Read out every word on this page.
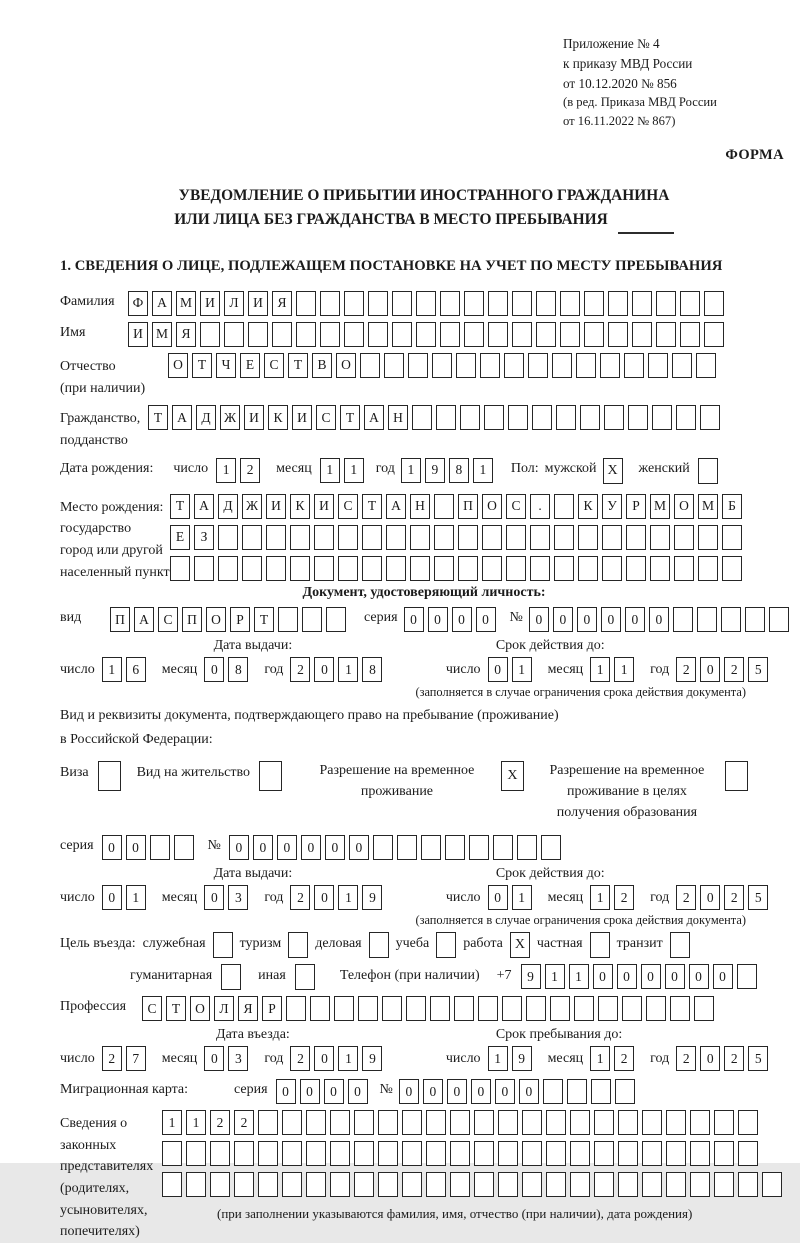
Приложение № 4
к приказу МВД России
от 10.12.2020 № 856
(в ред. Приказа МВД России
от 16.11.2022 № 867)
ФОРМА
УВЕДОМЛЕНИЕ О ПРИБЫТИИ ИНОСТРАННОГО ГРАЖДАНИНА
ИЛИ ЛИЦА БЕЗ ГРАЖДАНСТВА В МЕСТО ПРЕБЫВАНИЯ
1. СВЕДЕНИЯ О ЛИЦЕ, ПОДЛЕЖАЩЕМ ПОСТАНОВКЕ НА УЧЕТ ПО МЕСТУ ПРЕБЫВАНИЯ
Фамилия	Ф	А М И	Л	И	Я
Имя	И М Я
Отчество
(при наличии)
О	Т	Ч	Е	С	Т	В	О
Гражданство,
подданство
Т	А	Д Ж И	К	И	С	Т	А	Н
Дата рождения: число	1	2	месяц	1	1	год 1	9	8	1	Пол: мужской X	женский
Место рождения:
государство
город или другой
населенный пункт
Т	А	Д Ж И	К	И	С	Т	А	Н	П	О	С	.	К	У	Р	М О М	Б
Е	З
Документ, удостоверяющий личность:
вид	П	А	С	П	О	Р	Т	серия 0	0	0	0	№ 0	0	0	0	0	0
Дата выдачи:	Срок действия до:
число	1	6	месяц	0	8	год	2	0	1	8	число	0	1	месяц	1	1	год	2	0	2	5
(заполняется в случае ограничения срока действия документа)
Вид и реквизиты документа, подтверждающего право на пребывание (проживание)
в Российской Федерации:
Виза	Вид на жительство	Разрешение на временное проживание
X	Разрешение на временное проживание в целях получения образования
серия	0	0	№	0	0	0	0	0	0
Дата выдачи:	Срок действия до:
число	0	1	месяц	0	3	год	2	0	1	9	число	0	1	месяц	1	2	год	2	0	2	5
(заполняется в случае ограничения срока действия документа)
Цель въезда: служебная туризм деловая учеба работа X частная транзит
гуманитарная	иная	Телефон (при наличии) +7	9	1	1	0	0	0	0	0	0
Профессия	С	Т	О	Л	Я	Р
Дата въезда:	Срок пребывания до:
число	2	7	месяц	0	3	год	2	0	1	9	число	1	9	месяц	1	2	год	2	0	2	5
Миграционная карта:	серия	0	0	0	0	№ 0	0	0	0	0	0
Сведения о
законных
представителях
(родителях,
усыновителях,
попечителях)
1	1	2	2
(при заполнении указываются фамилия, имя, отчество (при наличии), дата рождения)
